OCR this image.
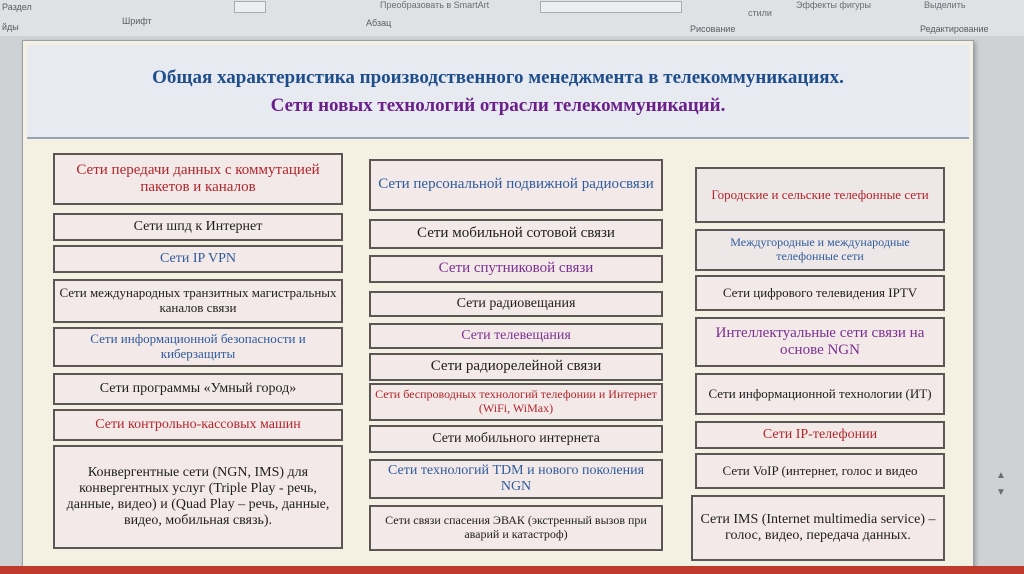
йды
Раздел
Шрифт	Абзац
Преобразовать в SmartArt
Рисование
стили
Эффекты фигуры	Выделить
Редактирование
Общая характеристика производственного менеджмента в телекоммуникациях.
Сети новых технологий отрасли телекоммуникаций.
Сети передачи данных с коммутацией пакетов и каналов
Сети шпд к Интернет
Сети IP VPN
Сети международных транзитных магистральных каналов связи
Сети информационной безопасности и киберзащиты
Сети программы «Умный город»
Сети контрольно-кассовых машин
Конвергентные сети (NGN, IMS) для конвергентных услуг (Triple Play - речь, данные, видео) и (Quad Play – речь, данные, видео, мобильная связь).
Сети персональной подвижной радиосвязи
Сети мобильной сотовой связи
Сети спутниковой связи
Сети радиовещания
Сети телевещания
Сети радиорелейной связи
Сети беспроводных технологий телефонии и Интернет (WiFi, WiMax)
Сети мобильного интернета
Сети технологий TDM и нового поколения NGN
Сети связи спасения ЭВАК (экстренный вызов при аварий и катастроф)
Городские и сельские телефонные сети
Междугородные и международные телефонные сети
Сети цифрового телевидения IPTV
Интеллектуальные сети связи на основе NGN
Сети информационной технологии (ИТ)
Сети IP-телефонии
Сети VoIP (интернет, голос и видео
Сети IMS (Internet multimedia service) – голос, видео, передача данных.
▲
▼
